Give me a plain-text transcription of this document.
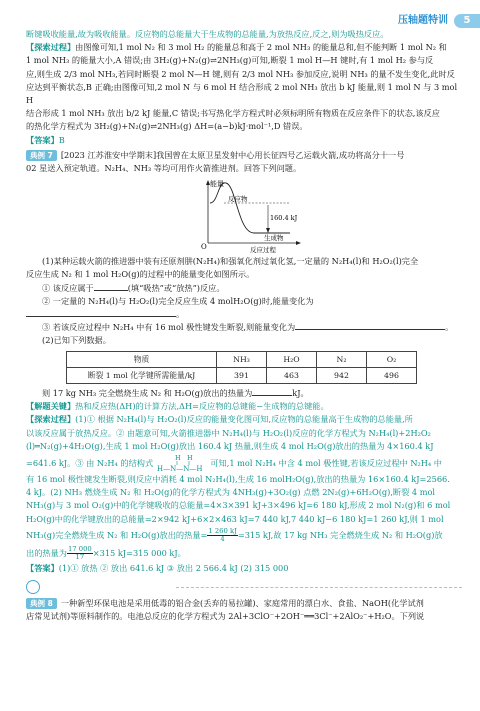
压轴题特训	5
断键吸收能量,故为吸收能量。反应物的总能量大于生成物的总能量,为放热反应,反之,则为吸热反应。
【探索过程】由图像可知,1 mol N₂ 和 3 mol H₂ 的能量总和高于 2 mol NH₃ 的能量总和,但不能判断 1 mol N₂ 和
1 mol NH₃ 的能量大小,A 错误;由 3H₂(g)+N₂(g)⇌2NH₃(g)可知,断裂 1 mol H—H 键时,有 1 mol H₂ 参与反
应,则生成 2/3 mol NH₃,若同时断裂 2 mol N—H 键,则有 2/3 mol NH₃ 参加反应,说明 NH₃ 的量不发生变化,此时反
应达到平衡状态,B 正确;由图像可知,2 mol N 与 6 mol H 结合形成 2 mol NH₃ 放出 b kJ 能量,则 1 mol N 与 3 mol H
结合形成 1 mol NH₃ 放出 b/2 kJ 能量,C 错误;书写热化学方程式时必须标明所有物质在反应条件下的状态,该反应
的热化学方程式为 3H₂(g)+N₂(g)⇌2NH₃(g) ΔH=(a−b)kJ·mol⁻¹,D 错误。
【答案】B
典例 7 [2023 江苏淮安中学期末]我国曾在太原卫星发射中心用长征四号乙运载火箭,成功将高分十一号
02 星送入预定轨道。N₂H₄、NH₃ 等均可用作火箭推进剂。回答下列问题。
能量
反应物
160.4 kJ
生成物
反应过程
O
(1)某种运载火箭的推进器中装有还原剂肼(N₂H₄)和强氧化剂过氧化氢,一定量的 N₂H₄(l)和 H₂O₂(l)完全
反应生成 N₂ 和 1 mol H₂O(g)的过程中的能量变化如图所示。
① 该反应属于	(填“吸热”或“放热”)反应。
② 一定量的 N₂H₄(l)与 H₂O₂(l)完全反应生成 4 molH₂O(g)时,能量变化为。
③ 若该反应过程中 N₂H₄ 中有 16 mol 极性键发生断裂,则能量变化为	。
(2)已知下列数据。
物质	NH₃	H₂O	N₂	O₂
断裂 1 mol 化学键所需能量/kJ	391	463	942	496
则 17 kg NH₃ 完全燃烧生成 N₂ 和 H₂O(g)放出的热量为	kJ。
【解题关键】热和反应热(ΔH)的计算方法,ΔH=反应物的总键能−生成物的总键能。
【探索过程】(1)① 根据 N₂H₄(l)与 H₂O₂(l)反应的能量变化图可知,反应物的总能量高于生成物的总能量,所
以该反应属于放热反应。② 由题意可知,火箭推进器中 N₂H₄(l)与 H₂O₂(l)反应的化学方程式为 N₂H₄(l)+2H₂O₂
(l)═N₂(g)+4H₂O(g),生成 1 mol H₂O(g)放出 160.4 kJ 热量,则生成 4 mol H₂O(g)放出的热量为 4×160.4 kJ
=641.6 kJ。③ 由 N₂H₄ 的结构式	H H
H—N—N—H
可知,1 mol N₂H₄ 中含 4 mol 极性键,若该反应过程中 N₂H₄ 中
有 16 mol 极性键发生断裂,则反应中消耗 4 mol N₂H₄(l),生成 16 molH₂O(g),放出的热量为 16×160.4 kJ=2566.
4 kJ。(2) NH₃ 燃烧生成 N₂ 和 H₂O(g)的化学方程式为 4NH₃(g)+3O₂(g) 点燃 2N₂(g)+6H₂O(g),断裂 4 mol
NH₃(g)与 3 mol O₂(g)中的化学键吸收的总能量=4×3×391 kJ+3×496 kJ=6 180 kJ,形成 2 mol N₂(g)和 6 mol
H₂O(g)中的化学键放出的总能量=2×942 kJ+6×2×463 kJ=7 440 kJ,7 440 kJ−6 180 kJ=1 260 kJ,则 1 mol
NH₃(g)完全燃烧生成 N₂ 和 H₂O(g)放出的热量= $\frac{1 260 kJ}{4} =315$ kJ,故 17 kg NH₃ 完全燃烧生成 N₂ 和 H₂O(g)放
出的热量为 $\frac{17 000}{17} \times 315$ kJ=315 000 kJ。
【答案】(1)① 放热 ② 放出 641.6 kJ ③ 放出 2 566.4 kJ (2) 315 000
典例 8 一种新型环保电池是采用低毒的铝合金(丢弃的易拉罐)、家庭常用的漂白水、食盐、NaOH(化学试剂
店常见试剂)等原料制作的。电池总反应的化学方程式为 2Al+3ClO⁻+2OH⁻══3Cl⁻+2AlO₂⁻+H₂O。下列说
